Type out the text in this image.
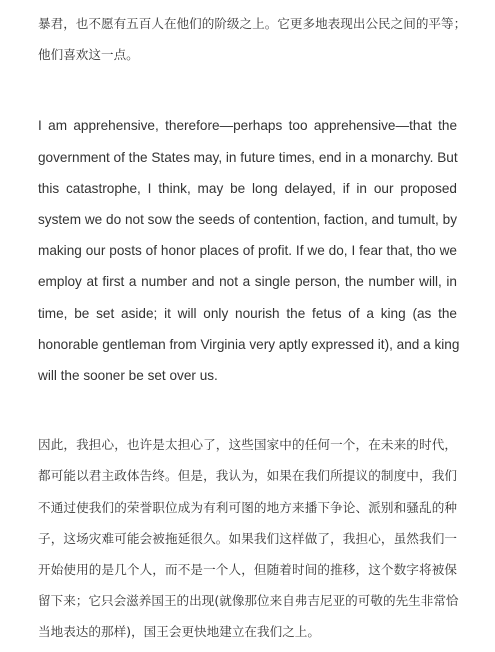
暴君，也不愿有五百人在他们的阶级之上。它更多地表现出公民之间的平等；
他们喜欢这一点。
I am apprehensive, therefore—perhaps too apprehensive—that the
government of the States may, in future times, end in a monarchy. But
this catastrophe, I think, may be long delayed, if in our proposed
system we do not sow the seeds of contention, faction, and tumult, by
making our posts of honor places of profit. If we do, I fear that, tho we
employ at first a number and not a single person, the number will, in
time, be set aside; it will only nourish the fetus of a king (as the
honorable gentleman from Virginia very aptly expressed it), and a king
will the sooner be set over us.
因此，我担心，也许是太担心了，这些国家中的任何一个，在未来的时代，
都可能以君主政体告终。但是，我认为，如果在我们所提议的制度中，我们
不通过使我们的荣誉职位成为有利可图的地方来播下争论、派别和骚乱的种
子，这场灾难可能会被拖延很久。如果我们这样做了，我担心，虽然我们一
开始使用的是几个人，而不是一个人，但随着时间的推移，这个数字将被保
留下来；它只会滋养国王的出现(就像那位来自弗吉尼亚的可敬的先生非常恰
当地表达的那样)，国王会更快地建立在我们之上。
